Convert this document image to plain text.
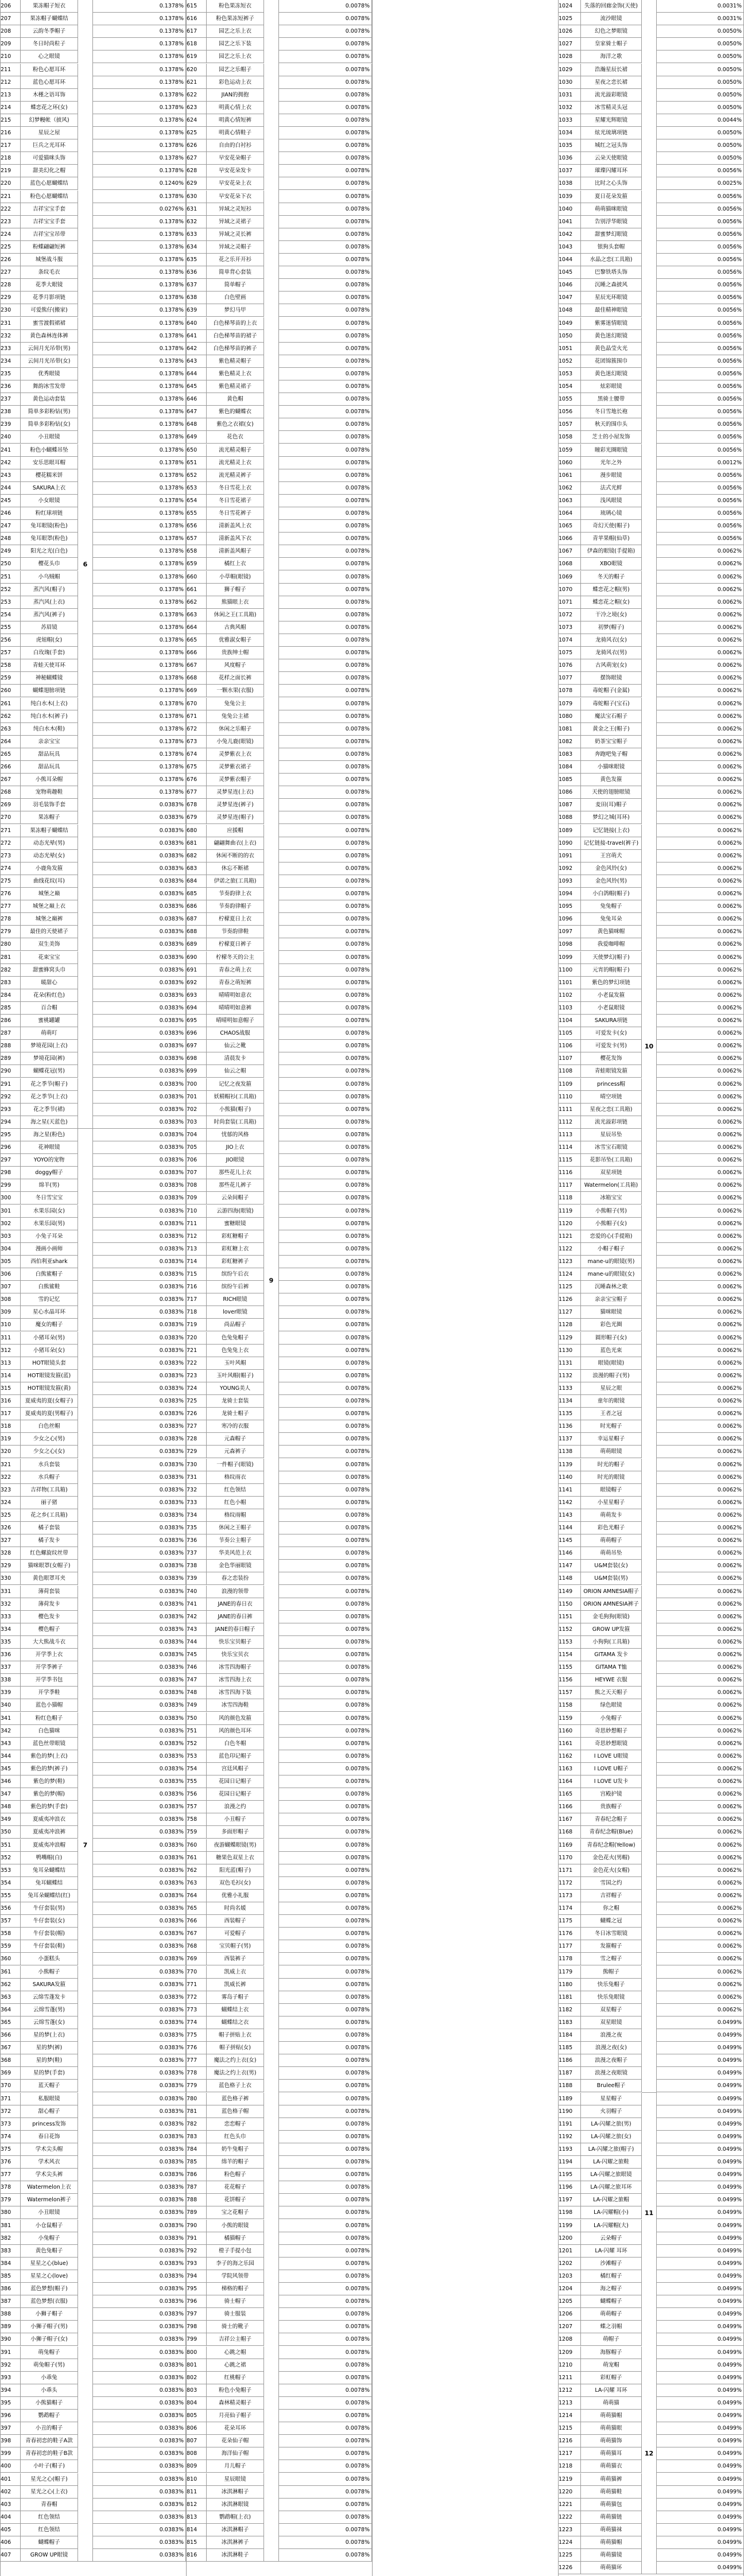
206	果冻帽子短衣	0.1378%
207	果冻帽子蝴蝶结	0.1378%
208	云韵冬季帽子	0.1378%
209	冬日时尚粒子	0.1378%
210	心之眼镜	0.1378%
211	粉色心愿耳环	0.1378%
212	蓝色心愿耳环	0.1378%
213	木槿之语耳饰	0.1378%
214	蝶恋花之环(女)	0.1378%
215	幻梦幔帐（披风)	0.1378%
216	星辰之屋	0.1378%
217	巨兵之光耳环	0.1378%
218	可爱猫咪头饰	0.1378%
219	甜美幻化之帽	0.1378%
220	蓝色心愿蝴蝶结	0.1240%
221	粉色心愿蝴蝶结	0.1378%
222	吉祥宝宝手套	0.0276%
223	吉祥宝宝手套	0.1378%
224	吉祥宝宝吊带	0.1378%
225	粉蝶翩翩短裤	0.1378%
226	城堡战斗服	0.1378%
227	条纹毛衣	0.1378%
228	花季大眼镜	0.1378%
229	花季月影项链	0.1378%
230	可爱熊仔(搬家)	0.1378%
231	蜜雪渡假裙裙	0.1378%
232	黄色森林连体裤	0.1378%
233	云间月光吊带(男)	0.1378%
234	云间月光吊带(女)	0.1378%
235	优秀眼镜	0.1378%
236	舞韵冰雪发带	0.1378%
237	黄色运动套装	0.1378%
238	简单多彩粉钻(男)	0.1378%
239	简单多彩粉钻(女)	0.1378%
240	小丑眼镜	0.1378%
241	粉色小蝴蝶吊坠	0.1378%
242	安乐思眼耳帽	0.1378%
243	樱花糯米饼	0.1378%
244	SAKURA上衣	0.1378%
245	小女眼镜	0.1378%
246	粉红球项链	0.1378%
247	兔耳眼镜(粉色)	0.1378%
248	兔耳眼罩(粉色)	0.1378%
249	阳光之光(白色)	0.1378%
250	樱花头巾	0.1378%
251	小乌贼帽	0.1378%
252	蒸汽风(帽子)	0.1378%
253	蒸汽风(上衣)	0.1378%
254	蒸汽风(裤子)	0.1378%
255	苏眉镜	0.1378%
256	虎妞帽(女)	0.1378%
257	白玫瑰(手套)	0.1378%
258	青蛙天使耳环	0.1378%
259	神秘蝴蝶镜	0.1378%
260	蝴蝶翅膀项链	0.1378%
261	纯白水木(上衣)	0.1378%
262	纯白水木(裤子)	0.1378%
263	纯白水木(鞋)	0.1378%
264	亲亲宝宝	0.1378%
265	甜品玩具	0.1378%
266	甜品玩具	0.1378%
267	小熊耳朵帽	0.1378%
268	宠物萌趣鞋	0.1378%
269	羽毛装饰手套	0.0383%
270	果冻帽子	0.0383%
271	果冻帽子蝴蝶结	0.0383%
272	动态光晕(男)	0.0383%
273	动态光晕(女)	0.0383%
274	小鹿角发箍	0.0383%
275	曲线花纹(耳)	0.0383%
276	城堡之巅	0.0383%
277	城堡之巅上衣	0.0383%
278	城堡之巅裤	0.0383%
279	最佳的天使裙子	0.0383%
280	双生美饰	0.0383%
281	花束宝宝	0.0383%
282	甜蜜蜂窝头巾	0.0383%
283	暖甜心	0.0383%
284	花朵(粉红色)	0.0383%
285	百合帽	0.0383%
286	蜜桃罐罐	0.0383%
287	萌萌叮	0.0383%
288	梦境花园(上衣)	0.0383%
289	梦境花园(裤)	0.0383%
290	蝴蝶花冠(男)	0.0383%
291	花之季节(帽子)	0.0383%
292	花之季节(上衣)	0.0383%
293	花之季节(裙)	0.0383%
294	海之星(天蓝色)	0.0383%
295	海之星(粉色)	0.0383%
296	花神眼镜	0.0383%
297	YOYO的宠物	0.0383%
298	doggy帽子	0.0383%
299	绵羊(男)	0.0383%
300	冬日雪宝宝	0.0383%
301	水果乐园(女)	0.0383%
302	水果乐园(男)	0.0383%
303	小兔子耳朵	0.0383%
304	漫画小画师	0.0383%
305	西伯利亚shark	0.0383%
306	白熊鲨帽子	0.0383%
307	白熊鲨鞋	0.0383%
308	雪的记忆	0.0383%
309	星心水晶耳环	0.0383%
310	魔女的帽子	0.0383%
311	小猪耳朵(男)	0.0383%
312	小猪耳朵(女)	0.0383%
313	HOT眼镜头套	0.0383%
314	HOT眼镜发箍(蓝)	0.0383%
315	HOT眼镜发箍(黄)	0.0383%
316	夏威夷的夏(女帽子)	0.0383%
317	夏威夷的夏(男帽子)	0.0383%
318	白色丝帽	0.0383%
319	少女之心(男)	0.0383%
320	少女之心(女)	0.0383%
321	水兵套装	0.0383%
322	水兵帽子	0.0383%
323	吉祥物(工具箱)	0.0383%
324	丽子猪	0.0383%
325	花之乡(工具箱)	0.0383%
326	橘子套装	0.0383%
327	橘子发卡	0.0383%
328	红色螺旋纹丝带	0.0383%
329	猫咪眼罩(女帽子)	0.0383%
330	黄色眼罩耳夹	0.0383%
331	薄荷套装	0.0383%
332	薄荷发卡	0.0383%
333	樱色发卡	0.0383%
334	樱色帽子	0.0383%
335	大大熊战斗衣	0.0383%
336	开学季上衣	0.0383%
337	开学季裤子	0.0383%
338	开学季书包	0.0383%
339	开学季鞋	0.0383%
340	蓝色小猫帽	0.0383%
341	粉红色帽子	0.0383%
342	白色猫咪	0.0383%
343	蓝色丝带眼镜	0.0383%
344	紫色的梦(上衣)	0.0383%
345	紫色的梦(裤子)	0.0383%
346	紫色的梦(鞋)	0.0383%
347	紫色的梦(帽)	0.0383%
348	紫色的梦(手套)	0.0383%
349	夏威夷冲浪衣	0.0383%
350	夏威夷冲浪裤	0.0383%
351	夏威夷冲浪帽	0.0383%
352	鸭嘴帽(白)	0.0383%
353	兔耳朵蝴蝶结	0.0383%
354	兔耳蝴蝶结	0.0383%
355	兔耳朵蝴蝶结(红)	0.0383%
356	牛仔套装(男)	0.0383%
357	牛仔套装(女)	0.0383%
358	牛仔套装(帽)	0.0383%
359	牛仔套装(鞋)	0.0383%
360	小蛋糕头	0.0383%
361	小熊帽子	0.0383%
362	SAKURA发箍	0.0383%
363	云绵雪蓬发卡	0.0383%
364	云绵雪蓬(男)	0.0383%
365	云绵雪蓬(女)	0.0383%
366	星的梦(上衣)	0.0383%
367	星的梦(裤)	0.0383%
368	星的梦(鞋)	0.0383%
369	星的梦(手套)	0.0383%
370	蓝天帽子	0.0383%
371	私服眼镜	0.0383%
372	甜心帽子	0.0383%
373	princess发饰	0.0383%
374	春日花饰	0.0383%
375	学术尖头帽	0.0383%
376	学术风衣	0.0383%
377	学术尖头裤	0.0383%
378	Watermelon上衣	0.0383%
379	Watermelon裤子	0.0383%
380	小丑眼镜	0.0383%
381	小仓鼠帽子	0.0383%
382	小兔帽子	0.0383%
383	黄色兔帽子	0.0383%
384	星星之心(blue)	0.0383%
385	星星之心(love)	0.0383%
386	蓝色梦想(帽子)	0.0383%
387	蓝色梦想(衣服)	0.0383%
388	小狮子帽子	0.0383%
389	小狮子帽子(男)	0.0383%
390	小狮子帽子(女)	0.0383%
391	萌兔帽子	0.0383%
392	萌兔帽子(男)	0.0383%
393	小乖兔	0.0383%
394	小乖头	0.0383%
395	小熊猫帽子	0.0383%
396	鹦鹉帽子	0.0383%
397	小丑的帽子	0.0383%
398	青春初恋的鞋子A款	0.0383%
399	青春初恋的鞋子B款	0.0383%
400	小叶子(帽子)	0.0383%
401	星光之心(帽子)	0.0383%
402	星光之心(上衣)	0.0383%
403	青春帽	0.0383%
404	红色领结	0.0383%
405	红色领结	0.0383%
406	蝴蝶帽子	0.0383%
407	GROW UP眼镜	0.0383%
6
7
615	粉色果冻短衣	0.0078%
616	粉色果冻短裤子	0.0078%
617	园艺之乐上衣	0.0078%
618	园艺之乐下装	0.0078%
619	园艺之乐上衣	0.0078%
620	园艺之乐帽子	0.0078%
621	彩色运动上衣	0.0078%
622	JIAN的拥抱	0.0078%
623	明黄心情上衣	0.0078%
624	明黄心情短裤	0.0078%
625	明黄心情鞋子	0.0078%
626	自由的白衬衫	0.0078%
627	早安花朵帽子	0.0078%
628	早安花朵发卡	0.0078%
629	早安花朵上衣	0.0078%
630	早安花朵下衣	0.0078%
631	异域之灵短衫	0.0078%
632	异域之灵裙子	0.0078%
633	异域之灵长裤	0.0078%
634	异域之灵帽子	0.0078%
635	花之乐开开衫	0.0078%
636	简单背心套装	0.0078%
637	简单帽子	0.0078%
638	白色壁画	0.0078%
639	梦幻马甲	0.0078%
640	白色梯琴苗的上衣	0.0078%
641	白色梯琴苗的裙子	0.0078%
642	白色梯琴苗的裤子	0.0078%
643	紫色精灵帽子	0.0078%
644	紫色精灵上衣	0.0078%
645	紫色精灵裙子	0.0078%
646	黄色帽	0.0078%
647	紫色的蝴蝶衣	0.0078%
648	紫色之衣裙(女)	0.0078%
649	花色衣	0.0078%
650	流光精灵帽子	0.0078%
651	流光精灵上衣	0.0078%
652	流光精灵裤子	0.0078%
653	冬日雪花上衣	0.0078%
654	冬日雪花裙子	0.0078%
655	冬日雪花裤子	0.0078%
656	清新盖风上衣	0.0078%
657	清新盖风下衣	0.0078%
658	清新盖风帽子	0.0078%
659	橘红上衣	0.0078%
660	小草帽(眼镜)	0.0078%
661	狮子帽子	0.0078%
662	熊猫眼上衣	0.0078%
663	休闲之王(工具箱)	0.0078%
664	古典风帽	0.0078%
665	优雅淑女帽子	0.0078%
666	贵族绅士帽	0.0078%
667	风度帽子	0.0078%
668	花样之面长裤	0.0078%
669	一颗水果(衣服)	0.0078%
670	兔兔公主	0.0078%
671	兔兔公主裙	0.0078%
672	休闲之乐帽子	0.0078%
673	小兔儿鹿(眼镜)	0.0078%
674	灵梦紫衣上衣	0.0078%
675	灵梦紫衣裙子	0.0078%
676	灵梦紫衣帽子	0.0078%
677	灵梦星连(上衣)	0.0078%
678	灵梦星连(裤子)	0.0078%
679	灵梦星连(帽子)	0.0078%
680	应援帽	0.0078%
681	翩翩舞曲衣(上衣)	0.0078%
682	休闲不断的的衣	0.0078%
683	休忘不断裙	0.0078%
684	伊诺之旅(工具箱)	0.0078%
685	节奏韵律上衣	0.0078%
686	节奏韵律帽子	0.0078%
687	柠檬夏日上衣	0.0078%
688	节奏韵律鞋	0.0078%
689	柠檬夏日裤子	0.0078%
690	柠檬冬天的公主	0.0078%
691	青春之萌上衣	0.0078%
692	青春之萌短裤	0.0078%
693	晴晴明如意衣	0.0078%
694	晴晴明如意裤	0.0078%
695	晴晴明如意帽子	0.0078%
696	CHAOS战服	0.0078%
697	仙云之靴	0.0078%
698	清晨发卡	0.0078%
699	仙云之帽	0.0078%
700	记忆之夜发箍	0.0078%
701	妖精帽衫(工具箱)	0.0078%
702	小熊猫(帽子)	0.0078%
703	时尚套装(工具箱)	0.0078%
704	忧郁的风格	0.0078%
705	JIO上衣	0.0078%
706	JIO眼镜	0.0078%
707	那些花儿上衣	0.0078%
708	那些花儿裤子	0.0078%
709	云朵间帽子	0.0078%
710	云游四海(眼镜)	0.0078%
711	蜜糖眼镜	0.0078%
712	彩虹糖帽子	0.0078%
713	彩虹糖上衣	0.0078%
714	彩虹糖裤子	0.0078%
715	缤纷午后衣	0.0078%
716	缤纷午后裤	0.0078%
717	RICH眼镜	0.0078%
718	lover眼镜	0.0078%
719	尚品帽子	0.0078%
720	色兔兔帽子	0.0078%
721	色兔兔上衣	0.0078%
722	玉叶风帽	0.0078%
723	玉叶风帽(帽子)	0.0078%
724	YOUNG美人	0.0078%
725	龙骑士套装	0.0078%
726	龙骑士帽子	0.0078%
727	寒冷的衣服	0.0078%
728	元森帽子	0.0078%
729	元森裤子	0.0078%
730	一件帽子(眼镜)	0.0078%
731	格纹雨衣	0.0078%
732	红色领结	0.0078%
733	红色小帽	0.0078%
734	格纹雨帽	0.0078%
735	休闲之王帽子	0.0078%
736	节奏公主帽子	0.0078%
737	华美风范上衣	0.0078%
738	金色华丽眼镜	0.0078%
739	春之恋装扮	0.0078%
740	浪漫的领带	0.0078%
741	JANE的春日衣	0.0078%
742	JANE的春日裤	0.0078%
743	JANE的春日帽子	0.0078%
744	快乐宝贝帽子	0.0078%
745	快乐宝贝衣	0.0078%
746	冰雪四海帽子	0.0078%
747	冰雪四海上衣	0.0078%
748	冰雪四海下装	0.0078%
749	冰雪四海鞋	0.0078%
750	风的颜色发箍	0.0078%
751	风的颜色耳环	0.0078%
752	白色冬帽	0.0078%
753	蓝色印记帽子	0.0078%
754	宫廷风帽子	0.0078%
755	花园日记帽子	0.0078%
756	花园日记帽子	0.0078%
757	浪漫之约	0.0078%
758	小丑帽子	0.0078%
759	多面形帽子	0.0078%
760	夜游蝴蝶眼镜(男)	0.0078%
761	糖果色双星上衣	0.0078%
762	阳光蓝(帽子)	0.0078%
763	双色毛衫(女)	0.0078%
764	优雅小礼服	0.0078%
765	时尚名媛	0.0078%
766	西装帽子	0.0078%
767	可爱帽子	0.0078%
768	宝贝帽子(男)	0.0078%
769	西装裤子	0.0078%
770	凯威上衣	0.0078%
771	凯威长裤	0.0078%
772	雾岛子帽子	0.0078%
773	蝴蝶结上衣	0.0078%
774	蝴蝶结之衣	0.0078%
775	帽子拼贴上衣	0.0078%
776	帽子拼贴(女)	0.0078%
777	魔法之约上衣(女)	0.0078%
778	魔法之约上衣(男)	0.0078%
779	蓝色格子上衣	0.0078%
780	蓝色格子裤	0.0078%
781	蓝色格子帽	0.0078%
782	恋恋帽子	0.0078%
783	红色头巾	0.0078%
784	奶牛兔帽子	0.0078%
785	绵羊的帽子	0.0078%
786	粉色帽子	0.0078%
787	花花帽子	0.0078%
788	花饼帽子	0.0078%
789	宝之花帽子	0.0078%
790	小熊的眼镜	0.0078%
791	橘猫帽子	0.0078%
792	橙子手提小包	0.0078%
793	李子的海之乐园	0.0078%
794	学院风领带	0.0078%
795	梯格的帽子	0.0078%
796	骑士帽子	0.0078%
797	骑士服装	0.0078%
798	骑士的靴子	0.0078%
799	吉祥公主帽子	0.0078%
800	心跳之帽	0.0078%
801	心跳之裙	0.0078%
802	红桃帽子	0.0078%
803	粉色小兔帽子	0.0078%
804	森林精灵帽子	0.0078%
805	月亮仙子帽子	0.0078%
806	花朵耳环	0.0078%
807	花朵仙子帽	0.0078%
808	海洋仙子帽	0.0078%
809	月儿帽子	0.0078%
810	星辰眼镜	0.0078%
811	冰淇淋帽子	0.0078%
812	冰淇淋眼镜	0.0078%
813	鹦鹉帽(上衣)	0.0078%
814	冰淇淋帽子	0.0078%
815	冰淇淋裤子	0.0078%
816	冰淇淋鞋子	0.0078%
9
1024	失落的回廊金饰(天使)	0.0031%
1025	流沙眼镜	0.0031%
1026	幻色之梦眼镜	0.0050%
1027	皇家骑士帽子	0.0050%
1028	海洋之歌	0.0050%
1029	浩瀚星辰长裙	0.0050%
1030	星夜之恋长裙	0.0050%
1031	流光溢彩眼镜	0.0050%
1032	冰雪精灵头冠	0.0050%
1033	星耀光辉眼镜	0.0044%
1034	炫光琉璃项链	0.0050%
1035	城红之冠头饰	0.0050%
1036	云朵天使眼镜	0.0050%
1037	璀璨闪耀耳环	0.0056%
1038	比时之心头饰	0.0025%
1039	夏日花朵发箍	0.0056%
1040	萌萌猫咪眼镜	0.0056%
1041	告别浮华眼镜	0.0056%
1042	甜蜜梦幻眼镜	0.0056%
1043	银狗头套帽	0.0056%
1044	水晶之恋(工具箱)	0.0056%
1045	巴黎铁塔头饰	0.0056%
1046	沉睡之森披风	0.0056%
1047	星辰光环眼镜	0.0056%
1048	最佳精神眼镜	0.0056%
1049	紫雾迷情眼镜	0.0056%
1050	黄色迷幻眼镜	0.0056%
1051	黄色晶莹火光	0.0056%
1052	花团锦簇围巾	0.0056%
1053	黄色迷幻眼镜	0.0056%
1054	炫彩眼镜	0.0056%
1055	黑骑士腰带	0.0056%
1056	冬日雪地长袍	0.0056%
1057	秋天的围巾头	0.0056%
1058	芝士的小屋发饰	0.0056%
1059	瞳彩光圈眼镜	0.0056%
1060	光年之外	0.0012%
1061	漫步眼镜	0.0056%
1062	法式光鲜	0.0056%
1063	浅风眼镜	0.0056%
1064	琉璃心镜	0.0056%
1065	奇幻天使(帽子)	0.0056%
1066	青苹果帽(仙草)	0.0056%
1067	伊森的眼镜(手提箱)	0.0062%
1068	XBO眼镜	0.0062%
1069	冬天的帽子	0.0062%
1070	蝶恋花之帽(男)	0.0062%
1071	蝶恋花之帽(女)	0.0062%
1072	干冷之境(女)	0.0062%
1073	初梦(帽子)	0.0062%
1074	龙骑风衣(女)	0.0062%
1075	龙骑风衣(男)	0.0062%
1076	古风萌宠(女)	0.0062%
1077	摆饰眼镜	0.0062%
1078	毒蛇帽子(金属)	0.0062%
1079	毒蛇帽子(宝石)	0.0062%
1080	魔法宝石帽子	0.0062%
1081	黄金之王(帽子)	0.0062%
1082	奶茶宝宝帽子	0.0062%
1083	奔跑吧兔子帽	0.0062%
1084	小猫咪眼镜	0.0062%
1085	黄色发箍	0.0062%
1086	天使的翅膀眼镜	0.0062%
1087	麦田(耳)帽子	0.0062%
1088	梦幻之城(耳环)	0.0062%
1089	记忆链接(上衣)	0.0062%
1090	记忆链接-travel(裤子)	0.0062%
1091	王宫萌犬	0.0062%
1092	金色风铃(女)	0.0062%
1093	金色风铃(男)	0.0062%
1094	小白鸽帽(帽子)	0.0062%
1095	兔兔帽子	0.0062%
1096	兔兔耳朵	0.0062%
1097	黄色猫咪帽	0.0062%
1098	我爱咖啡帽	0.0062%
1099	天使梦幻(帽子)	0.0062%
1100	元宵的帽(帽子)	0.0062%
1101	紫色的梦幻项链	0.0062%
1102	小老鼠发箍	0.0062%
1103	小老鼠眼镜	0.0062%
1104	SAKURA项链	0.0062%
1105	可爱发卡(女)	0.0062%
1106	可爱发卡(男)	0.0062%
1107	樱花发饰	0.0062%
1108	青蛙眼镜发箍	0.0062%
1109	princess帽	0.0062%
1110	晴空项链	0.0062%
1111	星夜之恋(工具箱)	0.0062%
1112	流光溢彩项链	0.0062%
1113	星辰吊坠	0.0062%
1114	冰雪宝石眼镜	0.0062%
1115	花影吊坠(工具箱)	0.0062%
1116	双星项链	0.0062%
1117	Watermelon(工具箱)	0.0062%
1118	冰箱宝宝	0.0062%
1119	小熊帽子(男)	0.0062%
1120	小熊帽子(女)	0.0062%
1121	恋爱的心(手提箱)	0.0062%
1122	小帽子帽子	0.0062%
1123	mane-u的眼镜(男)	0.0062%
1124	mane-u的眼镜(女)	0.0062%
1125	沉睡森林之歌	0.0062%
1126	亲亲宝宝帽子	0.0062%
1127	猫咪眼镜	0.0062%
1128	彩色光圈	0.0062%
1129	圆形帽子(女)	0.0062%
1130	蓝色光束	0.0062%
1131	眼镜(眼镜)	0.0062%
1132	浪漫的帽子(男)	0.0062%
1133	星辰之眼	0.0062%
1134	童年的眼镜	0.0062%
1135	王者之冠	0.0062%
1136	时光帽子	0.0062%
1137	幸运星帽子	0.0062%
1138	萌萌眼镜	0.0062%
1139	时光的帽子	0.0062%
1140	时光的眼镜	0.0062%
1141	眼镜帽子	0.0062%
1142	小星星帽子	0.0062%
1143	萌萌发卡	0.0062%
1144	彩色光帽子	0.0062%
1145	萌萌帽子	0.0062%
1146	萌萌吊坠	0.0062%
1147	U&M套装(女)	0.0062%
1148	U&M套装(男)	0.0062%
1149	ORION AMNESIA帽子	0.0062%
1150	ORION AMNESIA裤子	0.0062%
1151	金毛狗狗(眼镜)	0.0062%
1152	GROW UP发箍	0.0062%
1153	小狗狗(工具箱)	0.0062%
1154	GITAMA 发卡	0.0062%
1155	GITAMA T恤	0.0062%
1156	HEYWE 衣服	0.0062%
1157	熊之天天帽子	0.0062%
1158	绿色眼镜	0.0062%
1159	小兔帽子	0.0062%
1160	奇思妙想帽子	0.0062%
1161	奇思妙想眼镜	0.0062%
1162	I LOVE U眼镜	0.0062%
1163	I LOVE U帽子	0.0062%
1164	I LOVE U发卡	0.0062%
1165	宫殿护镜	0.0062%
1166	贵族帽子	0.0062%
1167	青春纪念帽子	0.0062%
1168	青春纪念帽(Blue)	0.0062%
1169	青春纪念帽(Yellow)	0.0062%
1170	金色花火(男帽)	0.0062%
1171	金色花火(女帽)	0.0062%
1172	雪国之约	0.0062%
1173	吉祥帽子	0.0062%
1174	你之帽	0.0062%
1175	蝴蝶之冠	0.0062%
1176	冬日冰雪眼镜	0.0062%
1177	发箍帽子	0.0062%
1178	雪之帽子	0.0062%
1179	熊帽子	0.0062%
1180	快乐兔帽子	0.0062%
1181	快乐兔眼镜	0.0062%
1182	双星帽子	0.0062%
1183	双星眼镜	0.0499%
1184	浪漫之夜	0.0499%
1185	浪漫之夜(女)	0.0499%
1186	浪漫之夜帽子	0.0499%
1187	浪漫之夜眼镜	0.0499%
1188	Brulee帽子	0.0499%
1189	星星帽子	0.0499%
1190	火羽帽子	0.0499%
1191	LA-闪耀之旅(男)	0.0499%
1192	LA-闪耀之旅(女)	0.0499%
1193	LA-闪耀之旅(帽子)	0.0499%
1194	LA-闪耀之旅鞋	0.0499%
1195	LA-闪耀之旅眼镜	0.0499%
1196	LA-闪耀之旅耳环	0.0499%
1197	LA-闪耀之旅帽	0.0499%
1198	LA-闪耀帽(小)	0.0499%
1199	LA-闪耀帽(大)	0.0499%
1200	云朵帽子	0.0499%
1201	LA-闪耀 耳环	0.0499%
1202	沙滩帽子	0.0499%
1203	橘红帽子	0.0499%
1204	海之帽子	0.0499%
1205	蝴蝶帽子	0.0499%
1206	萌萌帽子	0.0499%
1207	蝶之羽帽	0.0499%
1208	萌帽子	0.0499%
1209	海豚帽子	0.0499%
1210	萌宠帽	0.0499%
1211	彩虹帽子	0.0499%
1212	LA-闪耀 耳环	0.0499%
1213	萌萌猫	0.0499%
1214	萌萌猫帽	0.0499%
1215	萌萌猫眼	0.0499%
1216	萌萌猫饰	0.0499%
1217	萌萌猫耳	0.0499%
1218	萌萌猫衣	0.0499%
1219	萌萌猫裤	0.0499%
1220	萌萌猫鞋	0.0499%
1221	萌萌猫包	0.0499%
1222	萌萌猫链	0.0499%
1223	萌萌猫袜	0.0499%
1224	萌萌猫帽	0.0499%
1225	萌萌猫镜	0.0499%
1226	萌萌猫环	0.0499%
10
11
12
